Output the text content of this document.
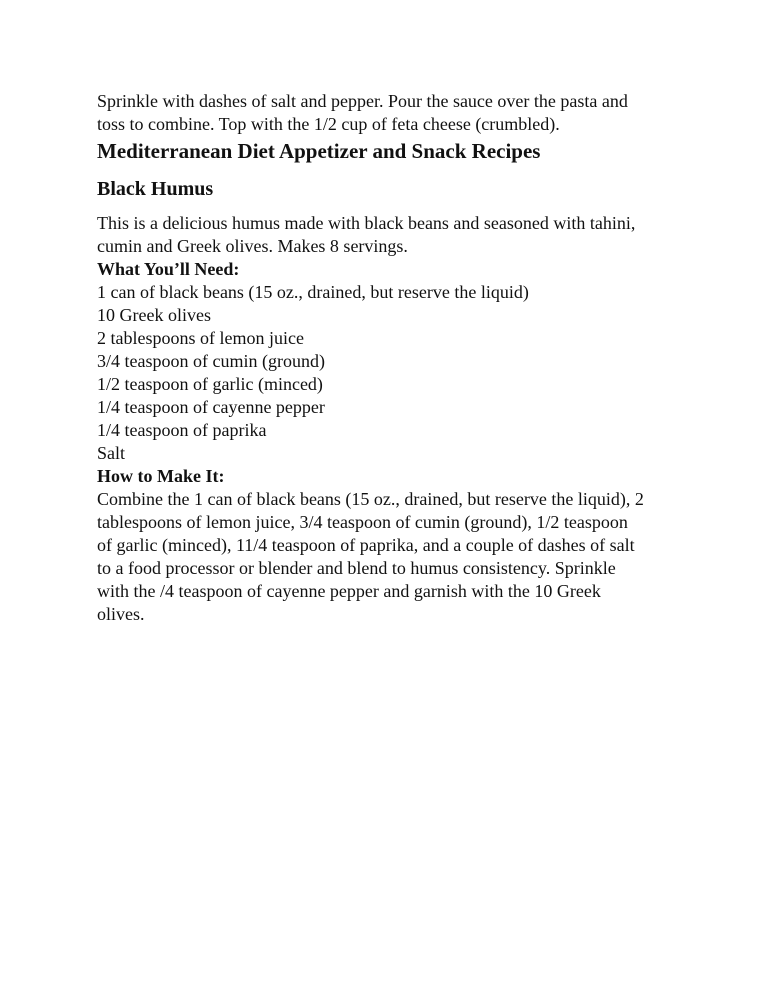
Sprinkle with dashes of salt and pepper. Pour the sauce over the pasta and
toss to combine. Top with the 1/2 cup of feta cheese (crumbled).

Mediterranean Diet Appetizer and Snack Recipes
Black Humus

This is a delicious humus made with black beans and seasoned with tahini,
cumin and Greek olives. Makes 8 servings.

What You’ll Need:

1 can of black beans (15 oz., drained, but reserve the liquid)

10 Greek olives

2 tablespoons of lemon juice

3/4 teaspoon of cumin (ground)

1/2 teaspoon of garlic (minced)

1/4 teaspoon of cayenne pepper

1/4 teaspoon of paprika

Salt

How to Make It:

Combine the 1 can of black beans (15 oz., drained, but reserve the liquid), 2
tablespoons of lemon juice, 3/4 teaspoon of cumin (ground), 1/2 teaspoon
of garlic (minced), 11/4 teaspoon of paprika, and a couple of dashes of salt
to a food processor or blender and blend to humus consistency. Sprinkle
with the /4 teaspoon of cayenne pepper and garnish with the 10 Greek
olives.
